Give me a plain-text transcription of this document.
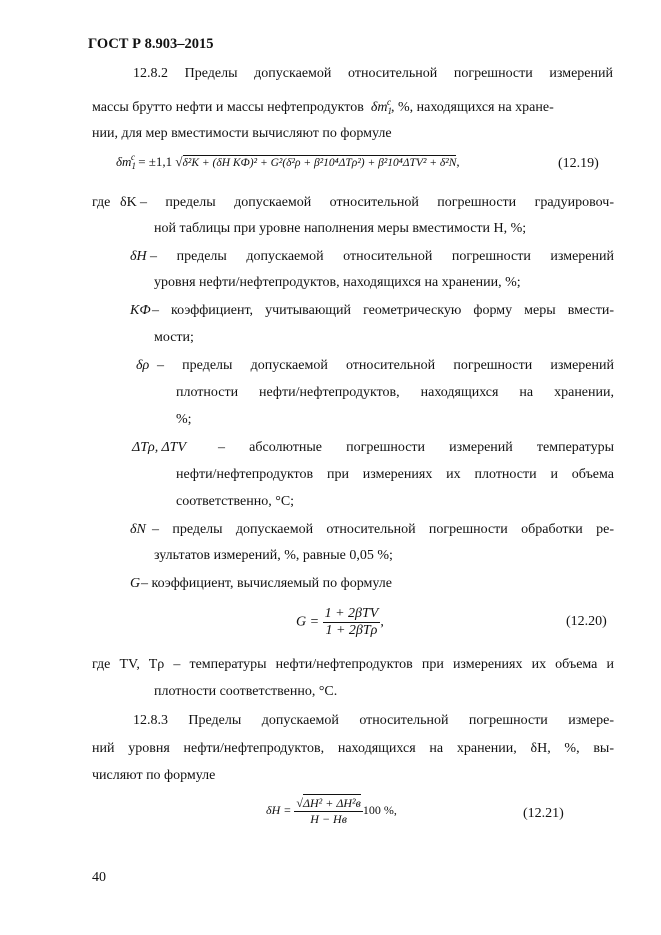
ГОСТ Р 8.903–2015
12.8.2 Пределы допускаемой относительной погрешности измерений
массы брутто нефти и массы нефтепродуктов  $\delta m_1^с$, %, находящихся на хране-
нии, для мер вместимости вычисляют по формуле
$\delta m_1^с = \pm 1,1$ √δ²K + (δH KФ)² + G²(δ²ρ + β²10⁴ΔTρ²) + β²10⁴ΔTV² + δ²N,	(12.19)
где δK – пределы допускаемой относительной погрешности градуировоч-
ной таблицы при уровне наполнения меры вместимости H, %;
δH – пределы допускаемой относительной погрешности измерений
уровня нефти/нефтепродуктов, находящихся на хранении, %;
KФ – коэффициент, учитывающий геометрическую форму меры вмести-
мости;
δρ – пределы допускаемой относительной погрешности измерений
плотности нефти/нефтепродуктов, находящихся на хранении,
%;
ΔTρ, ΔTV – абсолютные погрешности измерений температуры
нефти/нефтепродуктов при измерениях их плотности и объема
соответственно, °С;
δN – пределы допускаемой относительной погрешности обработки ре-
зультатов измерений, %, равные 0,05 %;
G – коэффициент, вычисляемый по формуле
$G = \frac{\text{1 + 2βTV}}{\text{1 + 2βTρ}}$ ,	(12.20)
где TV, Tρ – температуры нефти/нефтепродуктов при измерениях их объема и
плотности соответственно, °С.
12.8.3 Пределы допускаемой относительной погрешности измере-
ний уровня нефти/нефтепродуктов, находящихся на хранении, δH, %, вы-
числяют по формуле
$\delta H = \frac{\text{√ΔH² + ΔH²в}}{H - Hв} 100$ %,	(12.21)
40
